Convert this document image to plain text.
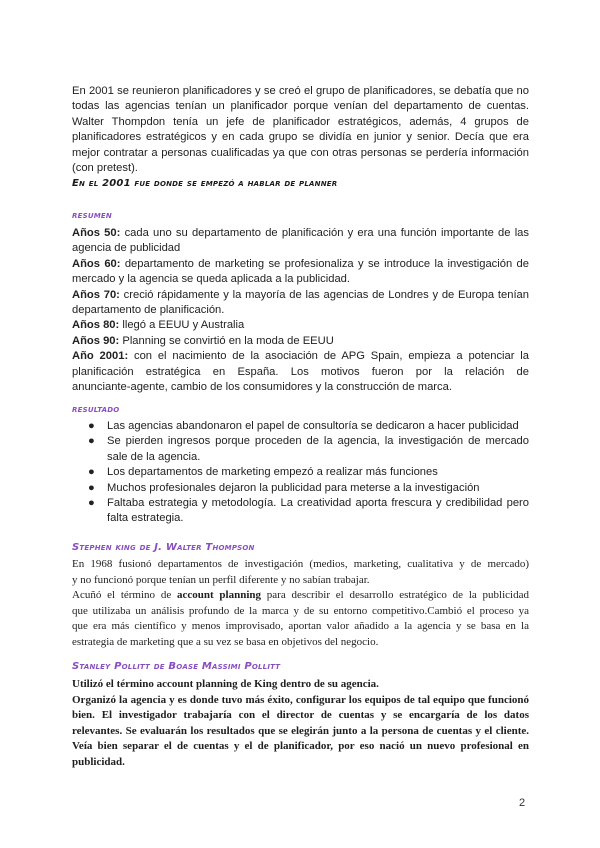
En 2001 se reunieron planificadores y se creó el grupo de planificadores, se debatía que no
todas las agencias tenían un planificador porque venían del departamento de cuentas.
Walter Thompdon tenía un jefe de planificador estratégicos, además, 4 grupos de
planificadores estratégicos y en cada grupo se dividía en junior y senior. Decía que era
mejor contratar a personas cualificadas ya que con otras personas se perdería información
(con pretest).
En el 2001 fue donde se empezó a hablar de planner
resumen
Años 50: cada uno su departamento de planificación y era una función importante de las
agencia de publicidad
Años 60: departamento de marketing se profesionaliza y se introduce la investigación de
mercado y la agencia se queda aplicada a la publicidad.
Años 70: creció rápidamente y la mayoría de las agencias de Londres y de Europa tenían
departamento de planificación.
Años 80: llegó a EEUU y Australia
Años 90: Planning se convirtió en la moda de EEUU
Año 2001: con el nacimiento de la asociación de APG Spain, empieza a potenciar la
planificación estratégica en España. Los motivos fueron por la relación de
anunciante-agente, cambio de los consumidores y la construcción de marca.
resultado
● Las agencias abandonaron el papel de consultoría se dedicaron a hacer publicidad
● Se pierden ingresos porque proceden de la agencia, la investigación de mercado
sale de la agencia.
● Los departamentos de marketing empezó a realizar más funciones
● Muchos profesionales dejaron la publicidad para meterse a la investigación
● Faltaba estrategia y metodología. La creatividad aporta frescura y credibilidad pero
falta estrategia.
Stephen king de J. Walter Thompson
En 1968 fusionó departamentos de investigación (medios, marketing, cualitativa y de mercado)
y no funcionó porque tenían un perfil diferente y no sabían trabajar.
Acuñó el término de account planning para describir el desarrollo estratégico de la publicidad
que utilizaba un análisis profundo de la marca y de su entorno competitivo.Cambió el proceso ya
que era más científico y menos improvisado, aportan valor añadido a la agencia y se basa en la
estrategia de marketing que a su vez se basa en objetivos del negocio.
Stanley Pollitt de Boase Massimi Pollitt
Utilizó el término account planning de King dentro de su agencia.
Organizó la agencia y es donde tuvo más éxito, configurar los equipos de tal equipo que funcionó
bien. El investigador trabajaría con el director de cuentas y se encargaría de los datos
relevantes. Se evaluarán los resultados que se elegirán junto a la persona de cuentas y el cliente.
Veía bien separar el de cuentas y el de planificador, por eso nació un nuevo profesional en
publicidad.
2
